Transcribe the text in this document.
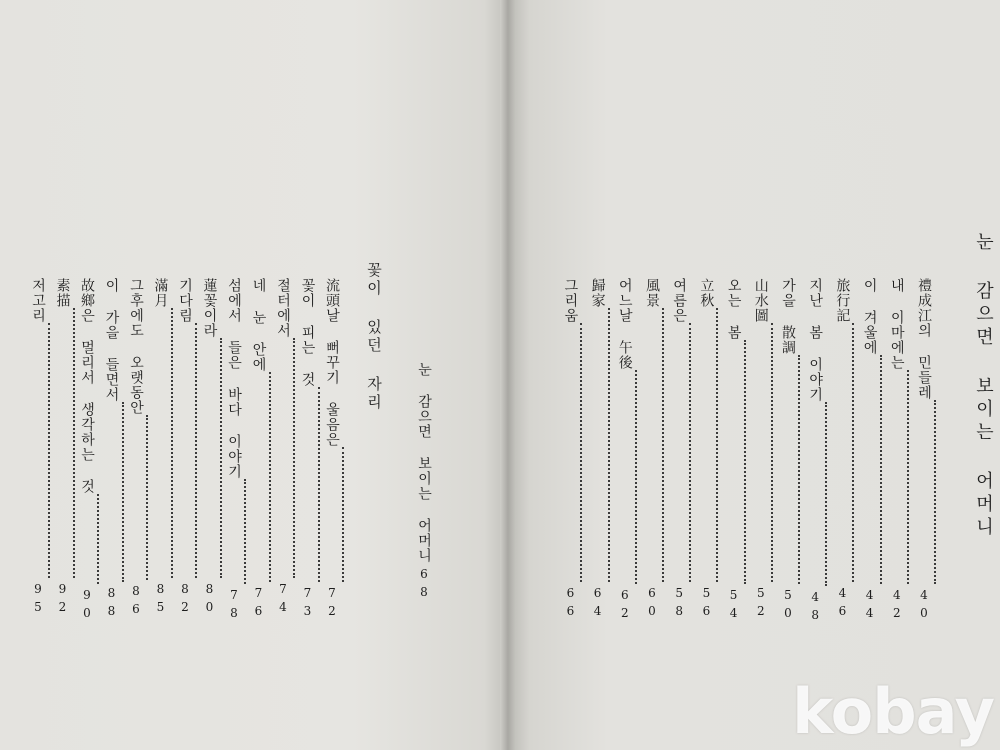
눈 감으면 보이는 어머니
禮成江의 민들레40
내 이마에는42
이 겨울에44
旅行記46
지난 봄 이야기48
가을 散調50
山水圖52
오는 봄54
立秋56
여름은58
風景60
어느날 午後62
歸家64
그리움66
눈 감으면 보이는 어머니68
꽃이 있던 자리
流頭날 뻐꾸기 울음은72
꽃이 피는 것73
절터에서74
네 눈 안에76
섬에서 들은 바다 이야기78
蓮꽃이라80
기다림82
滿月85
그후에도 오랫동안86
이 가을 들면서88
故鄉은 멀리서 생각하는 것90
素描92
저고리95
kobay
